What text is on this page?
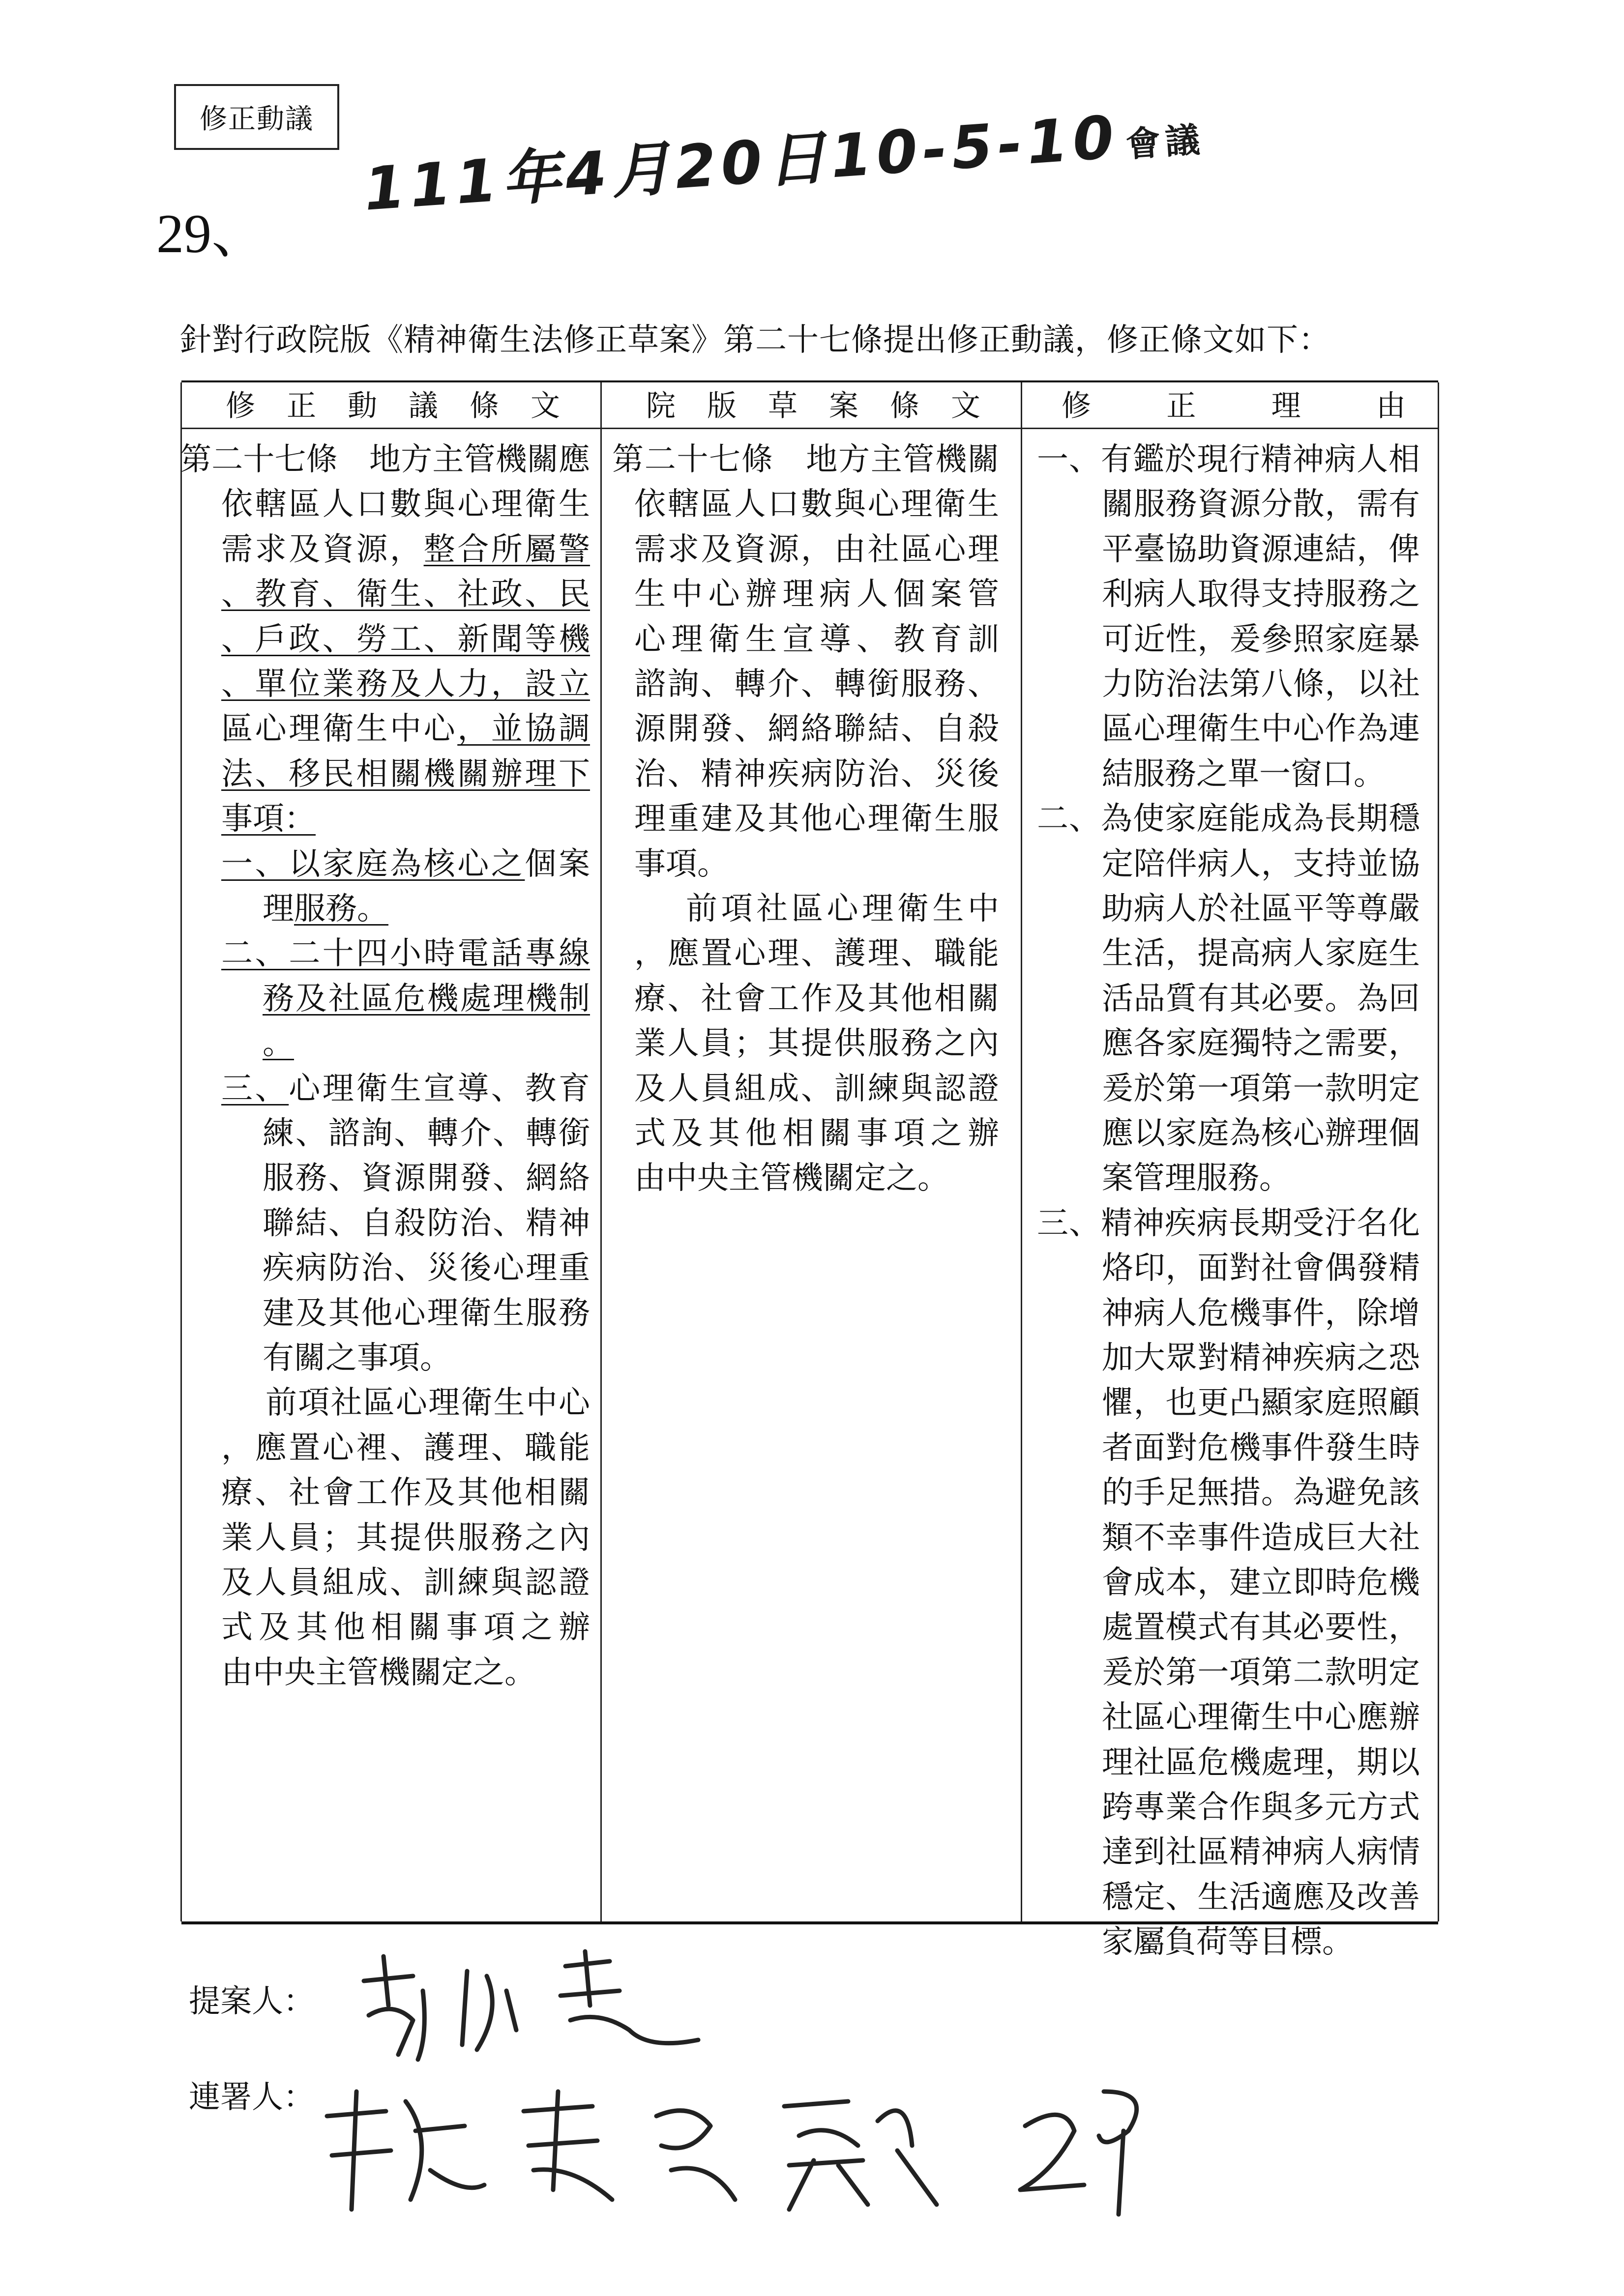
修正動議
29、
111年4月20日10-5-10 會議
針對行政院版《精神衛生法修正草案》第二十七條提出修正動議，修正條文如下：
修正動議條文	院版草案條文	修正理由
第二十七條　地方主管機關應
依轄區人口數與心理衛生
需求及資源，整合所屬警
、教育、衛生、社政、民
、戶政、勞工、新聞等機
、單位業務及人力，設立
區心理衛生中心，並協調
法、移民相關機關辦理下
事項：
一、以家庭為核心之個案
理服務。
二、二十四小時電話專線
務及社區危機處理機制
。
三、心理衛生宣導、教育
練、諮詢、轉介、轉銜
服務、資源開發、網絡
聯結、自殺防治、精神
疾病防治、災後心理重
建及其他心理衛生服務
有關之事項。
前項社區心理衛生中心
，應置心裡、護理、職能
療、社會工作及其他相關
業人員；其提供服務之內
及人員組成、訓練與認證
式及其他相關事項之辦
由中央主管機關定之。
第二十七條　地方主管機關
依轄區人口數與心理衛生
需求及資源，由社區心理
生中心辦理病人個案管
心理衛生宣導、教育訓
諮詢、轉介、轉銜服務、
源開發、網絡聯結、自殺
治、精神疾病防治、災後
理重建及其他心理衛生服
事項。
前項社區心理衛生中
，應置心理、護理、職能
療、社會工作及其他相關
業人員；其提供服務之內
及人員組成、訓練與認證
式及其他相關事項之辦
由中央主管機關定之。
一、有鑑於現行精神病人相
關服務資源分散，需有
平臺協助資源連結，俾
利病人取得支持服務之
可近性，爰參照家庭暴
力防治法第八條，以社
區心理衛生中心作為連
結服務之單一窗口。
二、為使家庭能成為長期穩
定陪伴病人，支持並協
助病人於社區平等尊嚴
生活，提高病人家庭生
活品質有其必要。為回
應各家庭獨特之需要，
爰於第一項第一款明定
應以家庭為核心辦理個
案管理服務。
三、精神疾病長期受汙名化
烙印，面對社會偶發精
神病人危機事件，除增
加大眾對精神疾病之恐
懼，也更凸顯家庭照顧
者面對危機事件發生時
的手足無措。為避免該
類不幸事件造成巨大社
會成本，建立即時危機
處置模式有其必要性，
爰於第一項第二款明定
社區心理衛生中心應辦
理社區危機處理，期以
跨專業合作與多元方式
達到社區精神病人病情
穩定、生活適應及改善
家屬負荷等目標。
提案人：
連署人：
